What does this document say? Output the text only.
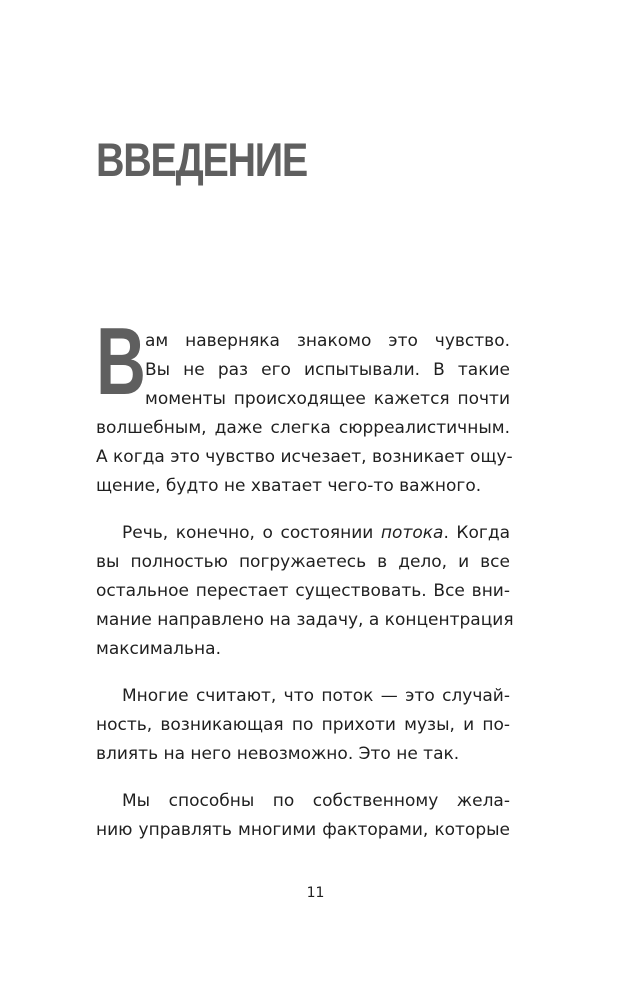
ВВЕДЕНИЕ
В ам наверняка знакомо это чувство.
Вы не раз его испытывали. В такие
моменты происходящее кажется почти
волшебным, даже слегка сюрреалистичным.
А когда это чувство исчезает, возникает ощу-
щение, будто не хватает чего-то важного.
Речь, конечно, о состоянии потока. Когда
вы полностью погружаетесь в дело, и все
остальное перестает существовать. Все вни-
мание направлено на задачу, а концентрация
максимальна.
Многие считают, что поток — это случай-
ность, возникающая по прихоти музы, и по-
влиять на него невозможно. Это не так.
Мы способны по собственному жела-
нию управлять многими факторами, которые
11
